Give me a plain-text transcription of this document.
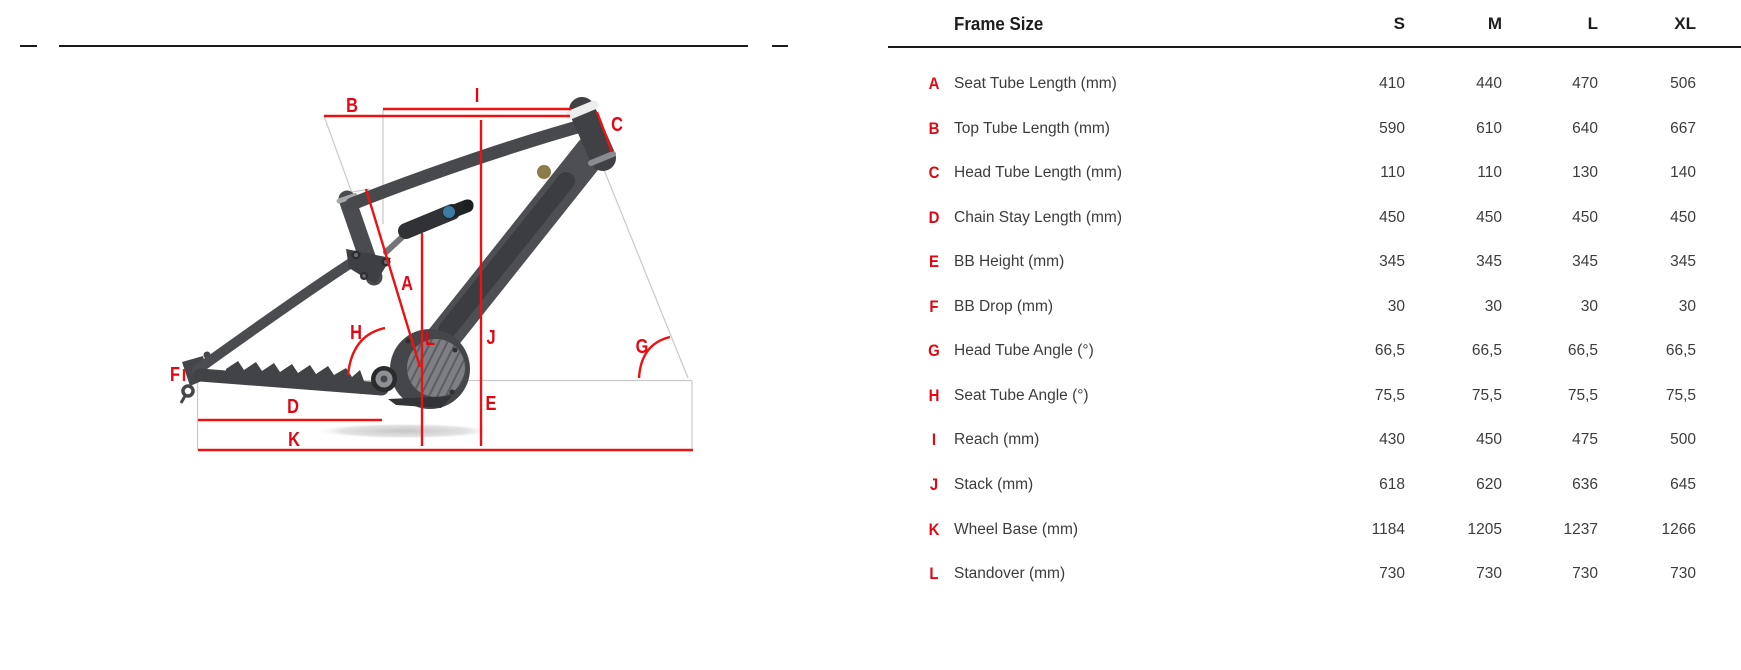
A
B
C
D	E
F
G
H
I
J
K
L
Frame Size	S	M	L	XL
A Seat Tube Length (mm)	410	440	470	506
B Top Tube Length (mm)	590	610	640	667
C Head Tube Length (mm)	110	110	130	140
D Chain Stay Length (mm)	450	450	450	450
E BB Height (mm)	345	345	345	345
F BB Drop (mm)	30	30	30	30
G Head Tube Angle (°)	66,5	66,5	66,5	66,5
H Seat Tube Angle (°)	75,5	75,5	75,5	75,5
I	Reach (mm)	430	450	475	500
J Stack (mm)	618	620	636	645
K Wheel Base (mm)	1184	1205	1237	1266
L Standover (mm)	730	730	730	730
